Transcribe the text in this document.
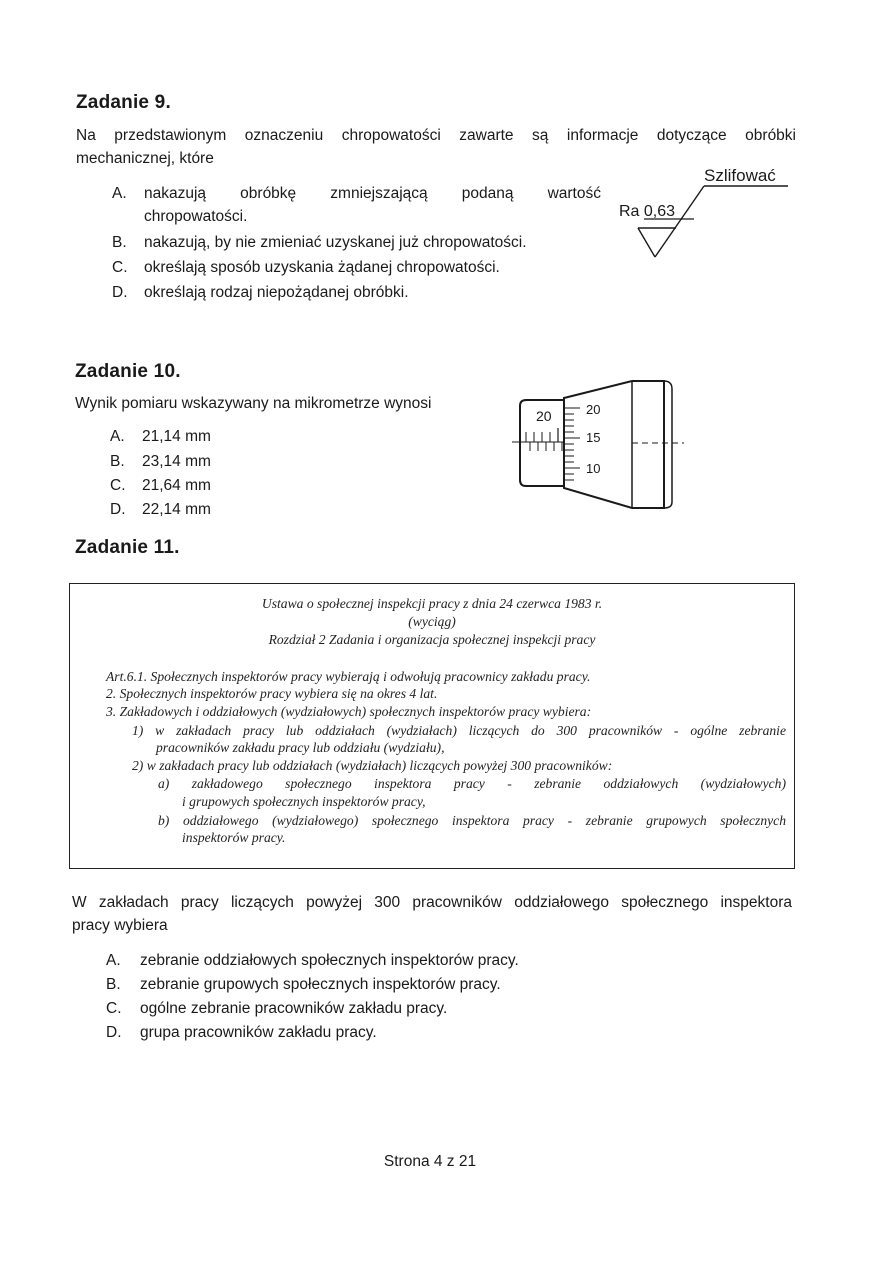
Zadanie 9.
Na przedstawionym oznaczeniu chropowatości zawarte są informacje dotyczące obróbki
mechanicznej, które
A. nakazują obróbkę zmniejszającą podaną wartość
chropowatości.
B. nakazują, by nie zmieniać uzyskanej już chropowatości.
C. określają sposób uzyskania żądanej chropowatości.
D. określają rodzaj niepożądanej obróbki.
Szlifować
Ra 0,63
Zadanie 10.
Wynik pomiaru wskazywany na mikrometrze wynosi
A. 21,14 mm
B. 23,14 mm
C. 21,64 mm
D. 22,14 mm
20	20
15
10
Zadanie 11.
Ustawa o społecznej inspekcji pracy z dnia 24 czerwca 1983 r.
(wyciąg)
Rozdział 2 Zadania i organizacja społecznej inspekcji pracy
Art.6.1. Społecznych inspektorów pracy wybierają i odwołują pracownicy zakładu pracy.
2. Społecznych inspektorów pracy wybiera się na okres 4 lat.
3. Zakładowych i oddziałowych (wydziałowych) społecznych inspektorów pracy wybiera:
1) w zakładach pracy lub oddziałach (wydziałach) liczących do 300 pracowników - ogólne zebranie
pracowników zakładu pracy lub oddziału (wydziału),
2) w zakładach pracy lub oddziałach (wydziałach) liczących powyżej 300 pracowników:
a) zakładowego społecznego inspektora pracy - zebranie oddziałowych (wydziałowych)
i grupowych społecznych inspektorów pracy,
b) oddziałowego (wydziałowego) społecznego inspektora pracy - zebranie grupowych społecznych
inspektorów pracy.
W zakładach pracy liczących powyżej 300 pracowników oddziałowego społecznego inspektora
pracy wybiera
A. zebranie oddziałowych społecznych inspektorów pracy.
B. zebranie grupowych społecznych inspektorów pracy.
C. ogólne zebranie pracowników zakładu pracy.
D. grupa pracowników zakładu pracy.
Strona 4 z 21
